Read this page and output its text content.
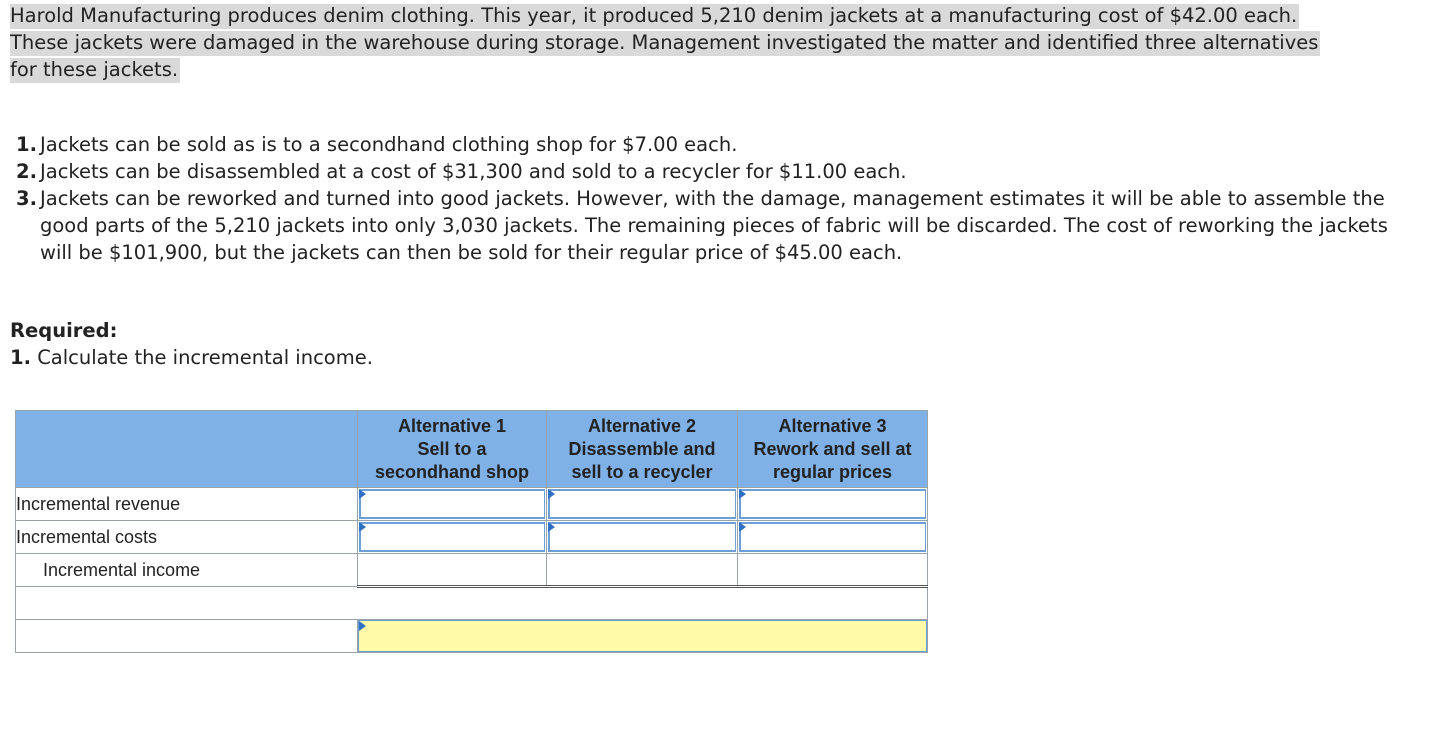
Harold Manufacturing produces denim clothing. This year, it produced 5,210 denim jackets at a manufacturing cost of $42.00 each.
These jackets were damaged in the warehouse during storage. Management investigated the matter and identified three alternatives
for these jackets.
1. Jackets can be sold as is to a secondhand clothing shop for $7.00 each.
2. Jackets can be disassembled at a cost of $31,300 and sold to a recycler for $11.00 each.
3. Jackets can be reworked and turned into good jackets. However, with the damage, management estimates it will be able to assemble the good parts of the 5,210 jackets into only 3,030 jackets. The remaining pieces of fabric will be discarded. The cost of reworking the jackets will be $101,900, but the jackets can then be sold for their regular price of $45.00 each.
Required:
1. Calculate the incremental income.
	Alternative 1
Sell to a
secondhand shop	Alternative 2
Disassemble and
sell to a recycler	Alternative 3
Rework and sell at
regular prices
Incremental revenue	

Incremental costs	

Incremental income			
